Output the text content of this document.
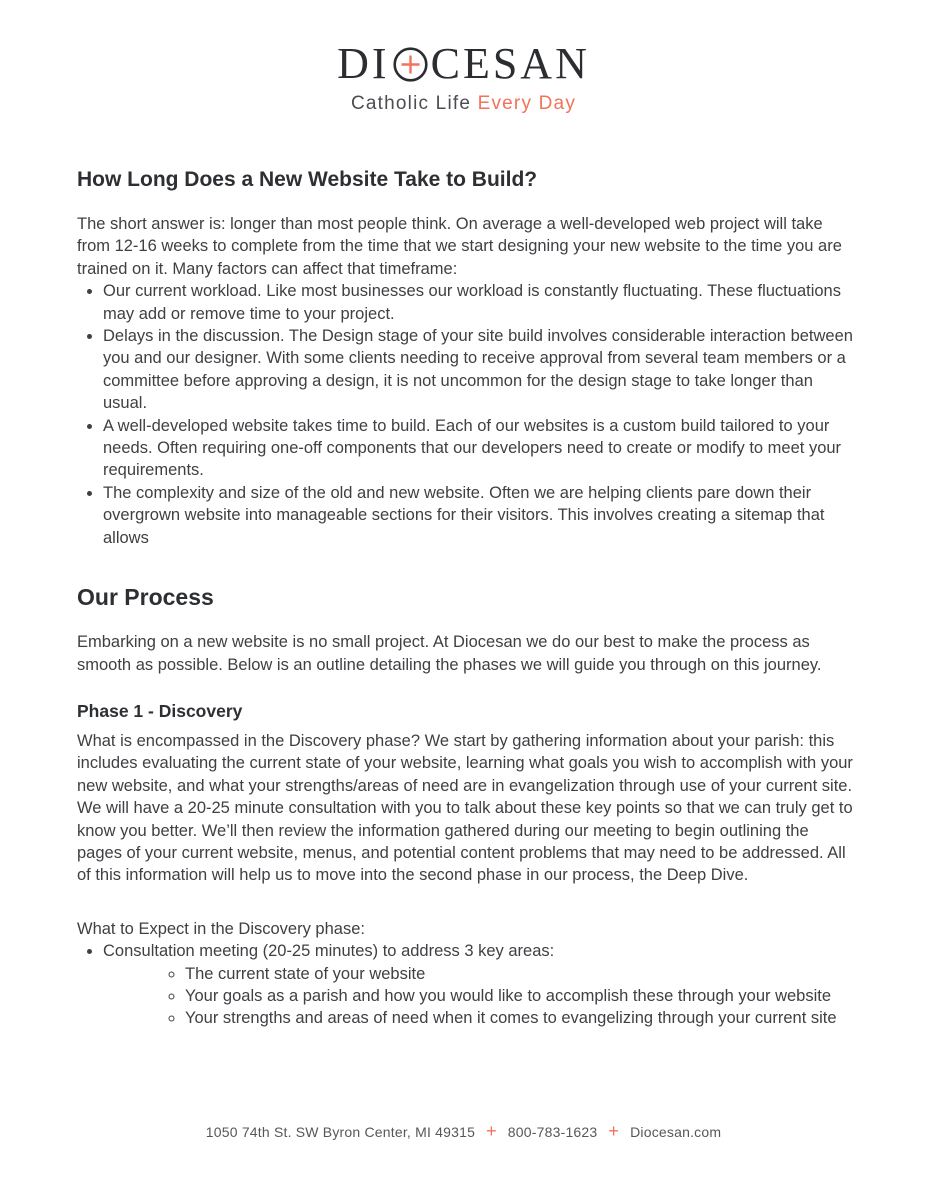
DI CESAN
Catholic Life Every Day
How Long Does a New Website Take to Build?

The short answer is: longer than most people think. On average a well-developed web project will take from 12-16 weeks to complete from the time that we start designing your new website to the time you are trained on it. Many factors can affect that timeframe:

• Our current workload. Like most businesses our workload is constantly fluctuating. These fluctuations may add or remove time to your project.
• Delays in the discussion. The Design stage of your site build involves considerable interaction between you and our designer. With some clients needing to receive approval from several team members or a committee before approving a design, it is not uncommon for the design stage to take longer than usual.
• A well-developed website takes time to build. Each of our websites is a custom build tailored to your needs. Often requiring one-off components that our developers need to create or modify to meet your requirements.
• The complexity and size of the old and new website. Often we are helping clients pare down their overgrown website into manageable sections for their visitors. This involves creating a sitemap that allows
Our Process

Embarking on a new website is no small project. At Diocesan we do our best to make the process as smooth as possible. Below is an outline detailing the phases we will guide you through on this journey.

Phase 1 - Discovery

What is encompassed in the Discovery phase? We start by gathering information about your parish: this includes evaluating the current state of your website, learning what goals you wish to accomplish with your new website, and what your strengths/areas of need are in evangelization through use of your current site. We will have a 20-25 minute consultation with you to talk about these key points so that we can truly get to know you better. We’ll then review the information gathered during our meeting to begin outlining the pages of your current website, menus, and potential content problems that may need to be addressed. All of this information will help us to move into the second phase in our process, the Deep Dive.

What to Expect in the Discovery phase:

• Consultation meeting (20-25 minutes) to address 3 key areas:
◦ The current state of your website
◦ Your goals as a parish and how you would like to accomplish these through your website
◦ Your strengths and areas of need when it comes to evangelizing through your current site
1050 74th St. SW Byron Center, MI 49315 + 800-783-1623 + Diocesan.com
